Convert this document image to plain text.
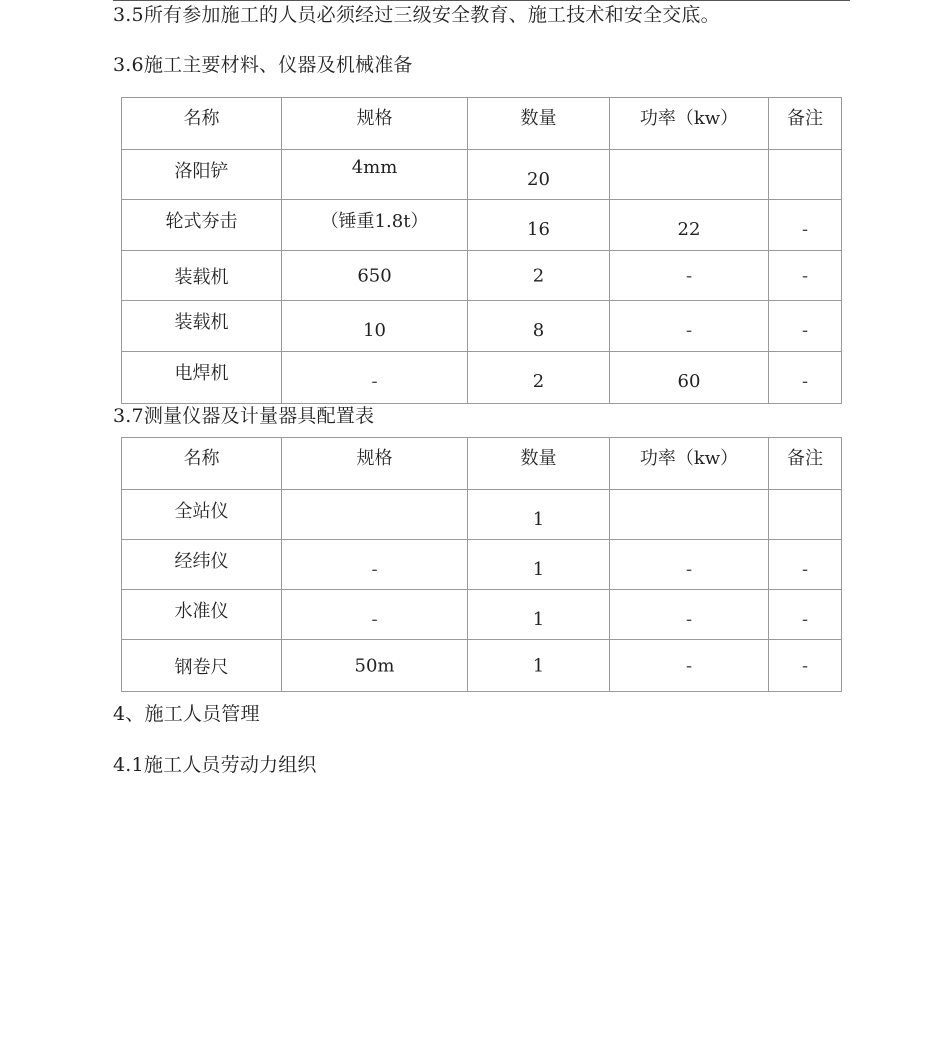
3.5所有参加施工的人员必须经过三级安全教育、施工技术和安全交底。
3.6施工主要材料、仪器及机械准备
名称	规格	数量	功率（kw）	备注

洛阳铲	4mm	20		

轮式夯击	（锤重1.8t）	16	22	-

装载机	650	2	-	-

装载机	10	8	-	-

电焊机	-	2	60	-
3.7测量仪器及计量器具配置表
名称	规格	数量	功率（kw）	备注

全站仪		1		

经纬仪	-	1	-	-

水准仪	-	1	-	-

钢卷尺	50m	1	-	-
4、施工人员管理
4.1施工人员劳动力组织
